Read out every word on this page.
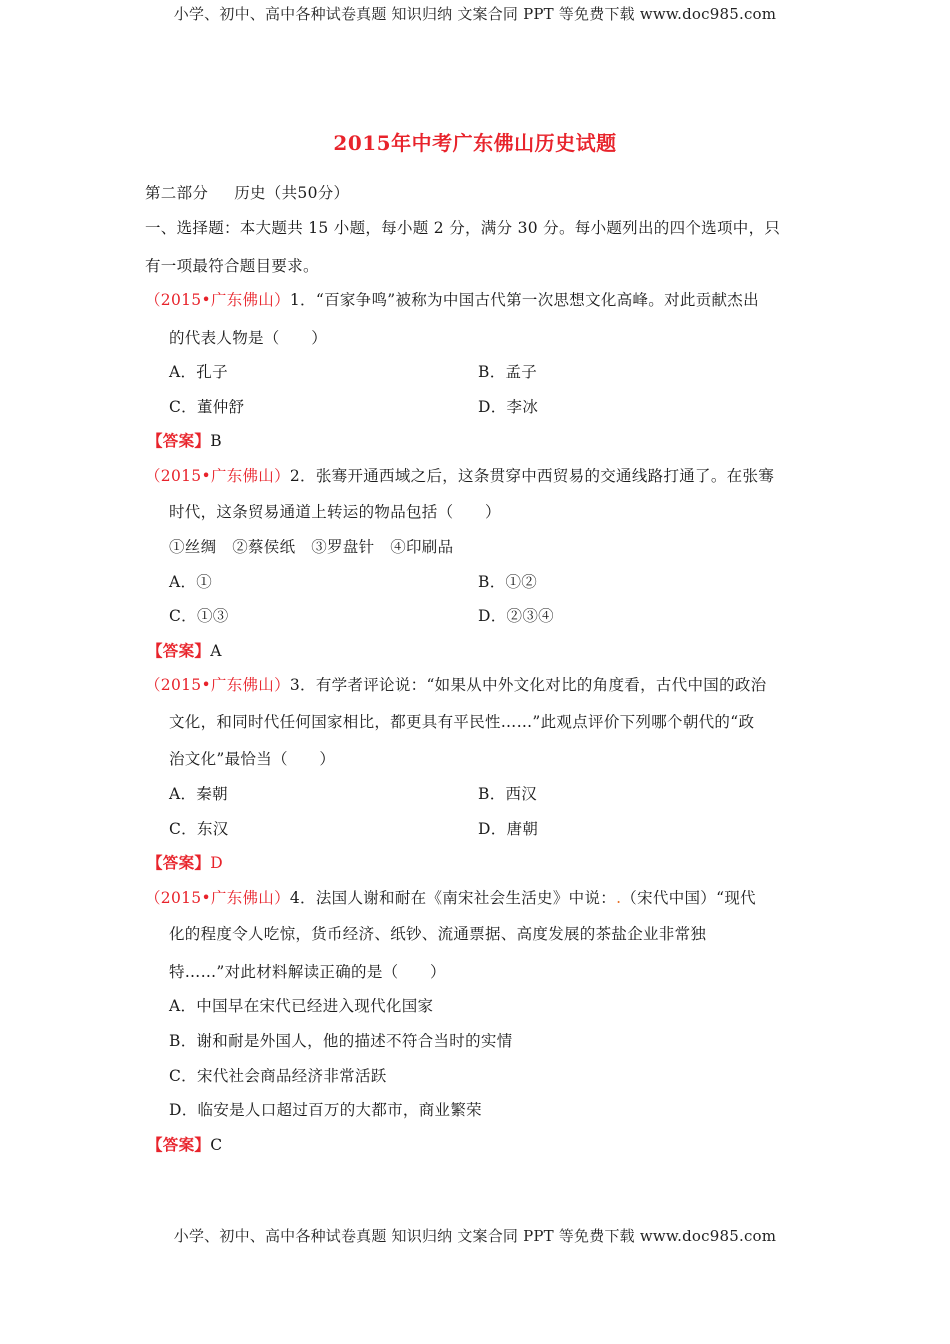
小学、初中、高中各种试卷真题 知识归纳 文案合同 PPT 等免费下载 www.doc985.com
2015年中考广东佛山历史试题
第二部分 历史（共50分）
一、选择题：本大题共 15 小题，每小题 2 分，满分 30 分。每小题列出的四个选项中，只
有一项最符合题目要求。
（2015•广东佛山）1．“百家争鸣”被称为中国古代第一次思想文化高峰。对此贡献杰出
的代表人物是（　　）
A．孔子	B．孟子
C．董仲舒	D．李冰
【答案】B
（2015•广东佛山）2．张骞开通西域之后，这条贯穿中西贸易的交通线路打通了。在张骞
时代，这条贸易通道上转运的物品包括（　　）
①丝绸　②蔡侯纸　③罗盘针　④印刷品
A．①	B．①②
C．①③	D．②③④
【答案】A
（2015•广东佛山）3．有学者评论说：“如果从中外文化对比的角度看，古代中国的政治
文化，和同时代任何国家相比，都更具有平民性……”此观点评价下列哪个朝代的“政
治文化”最恰当（　　）
A．秦朝	B．西汉
C．东汉	D．唐朝
【答案】D
（2015•广东佛山）4．法国人谢和耐在《南宋社会生活史》中说：.（宋代中国）“现代
化的程度令人吃惊，货币经济、纸钞、流通票据、高度发展的茶盐企业非常独
特……”对此材料解读正确的是（　　）
A．中国早在宋代已经进入现代化国家
B．谢和耐是外国人，他的描述不符合当时的实情
C．宋代社会商品经济非常活跃
D．临安是人口超过百万的大都市，商业繁荣
【答案】C
小学、初中、高中各种试卷真题 知识归纳 文案合同 PPT 等免费下载 www.doc985.com
